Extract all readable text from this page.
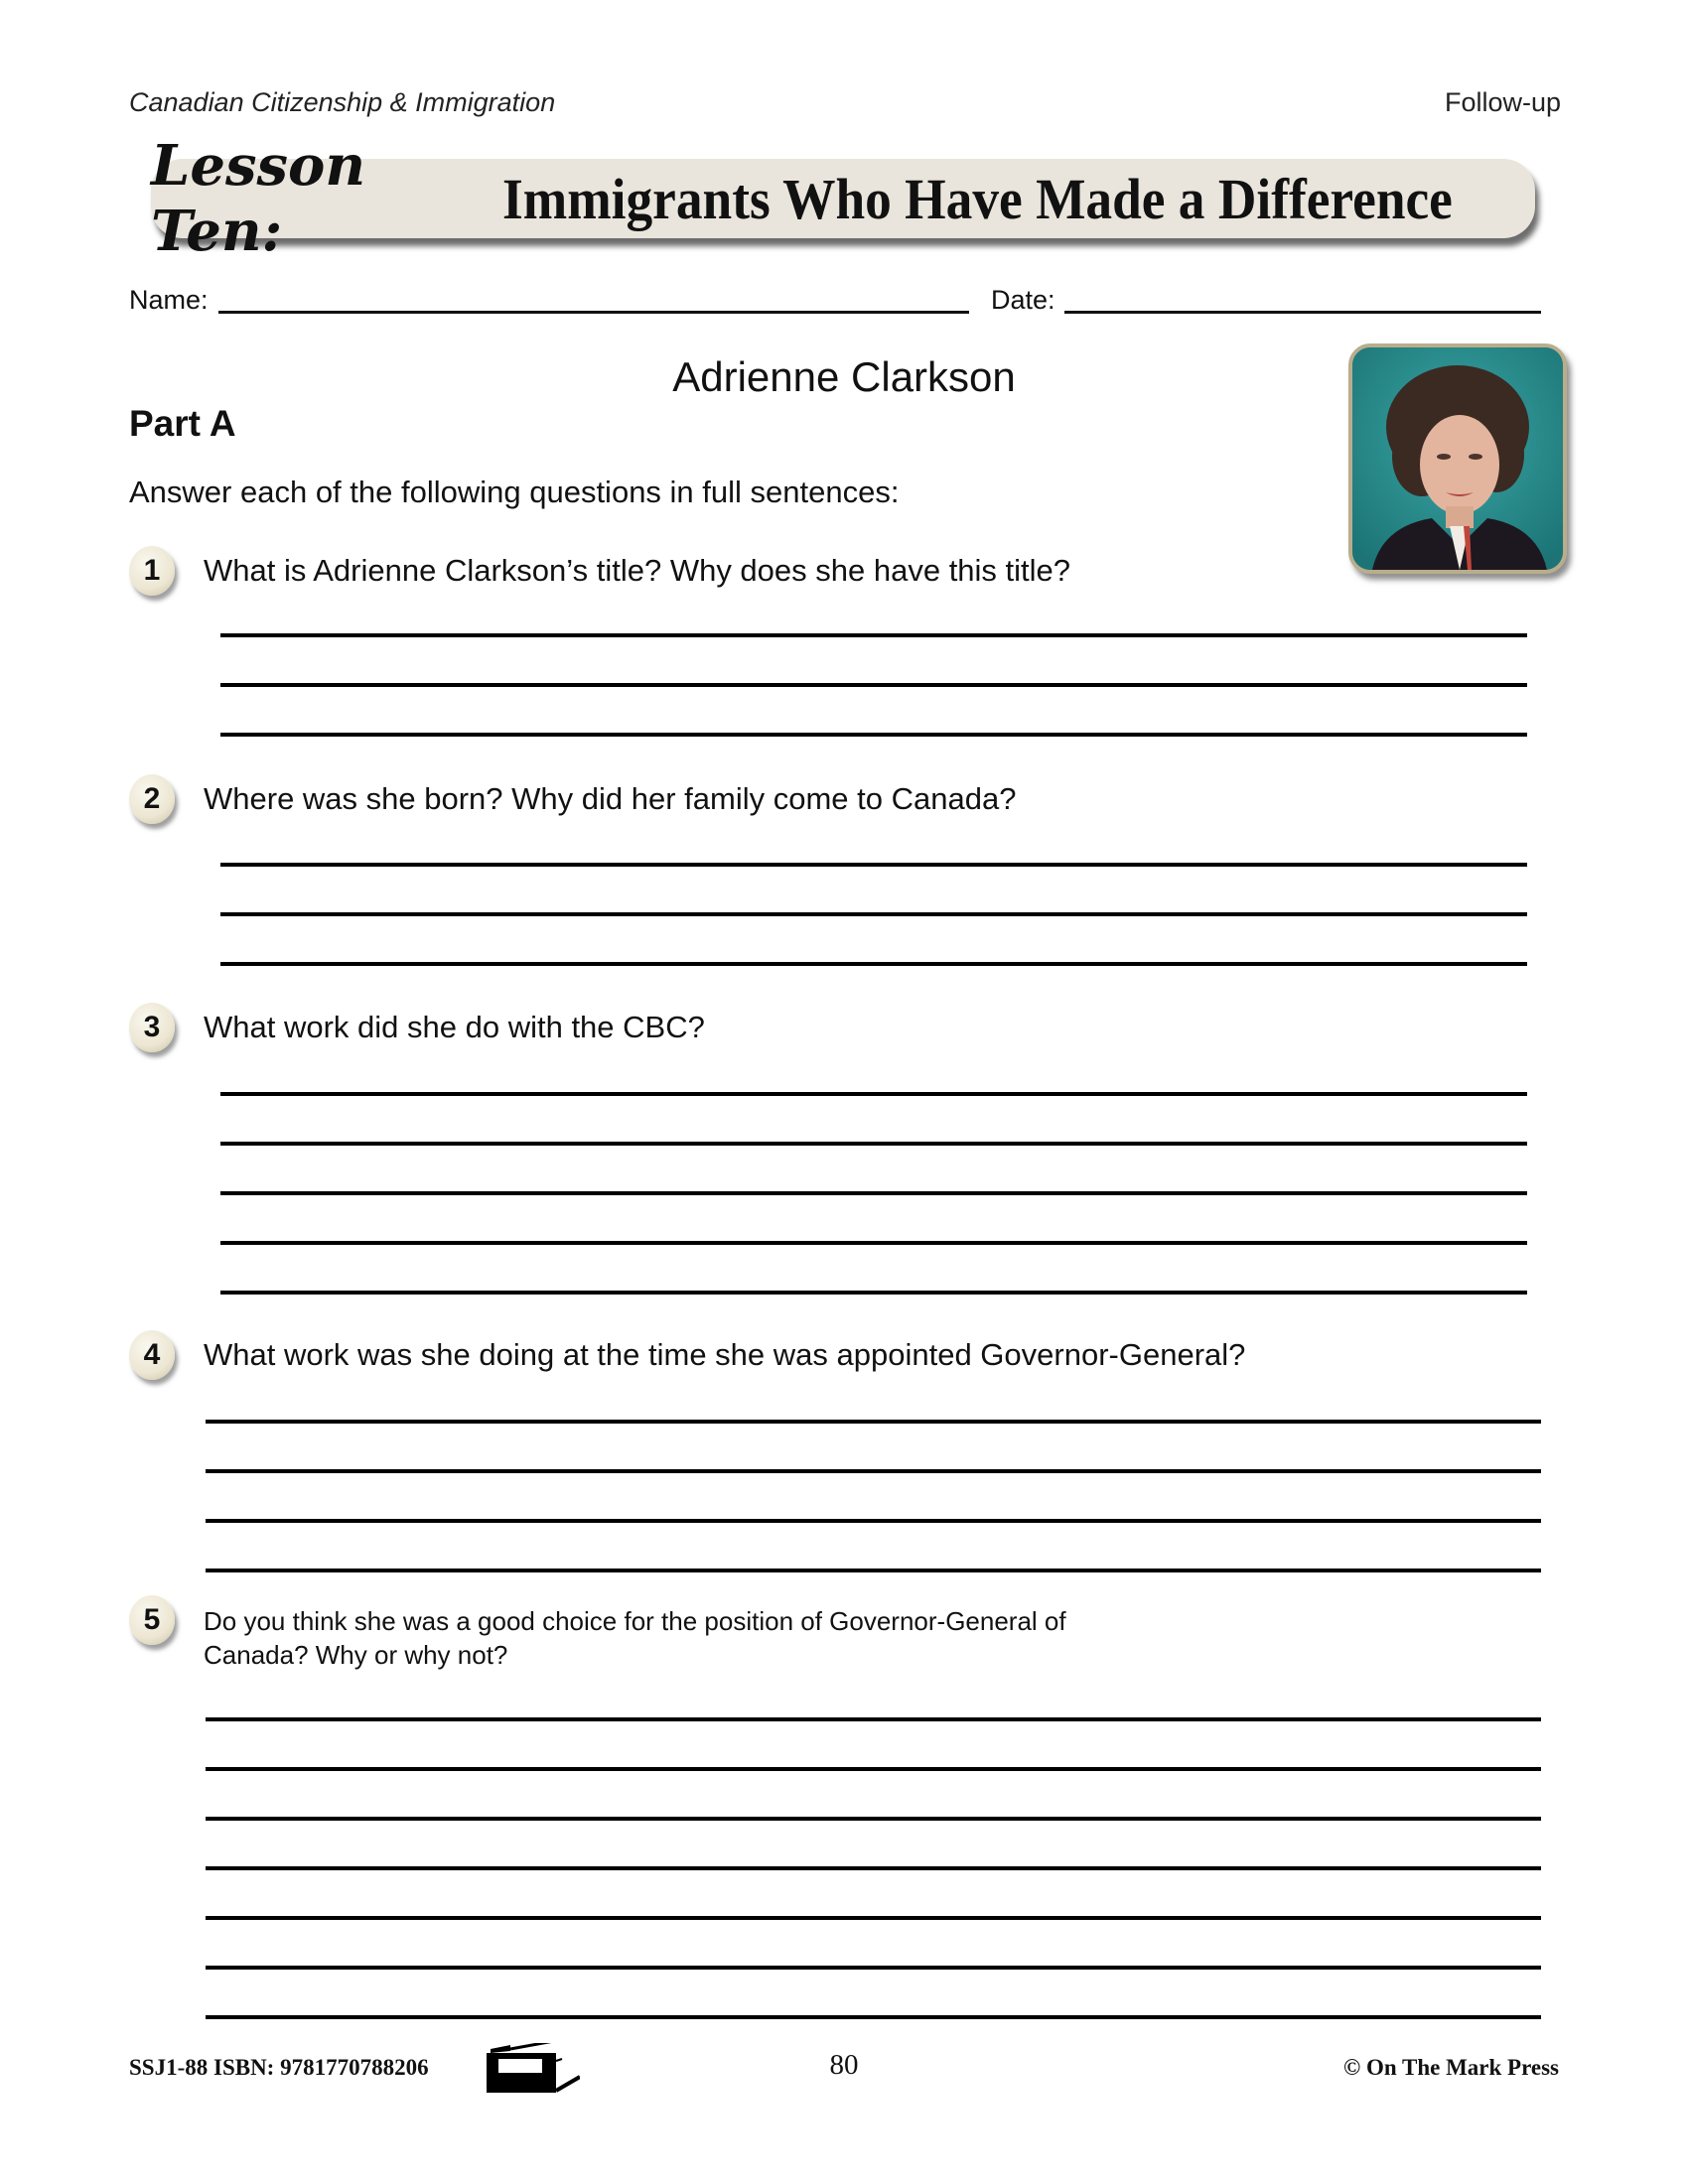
Canadian Citizenship & Immigration	Follow-up
Lesson Ten:	Immigrants Who Have Made a Difference
Name:	Date:
Adrienne Clarkson
Part A
Answer each of the following questions in full sentences:
1	What is Adrienne Clarkson’s title? Why does she have this title?
2	Where was she born? Why did her family come to Canada?
3	What work did she do with the CBC?
4	What work was she doing at the time she was appointed Governor-General?
5	Do you think she was a good choice for the position of Governor-General of
Canada? Why or why not?
SSJ1-88 ISBN: 9781770788206	80	© On The Mark Press
